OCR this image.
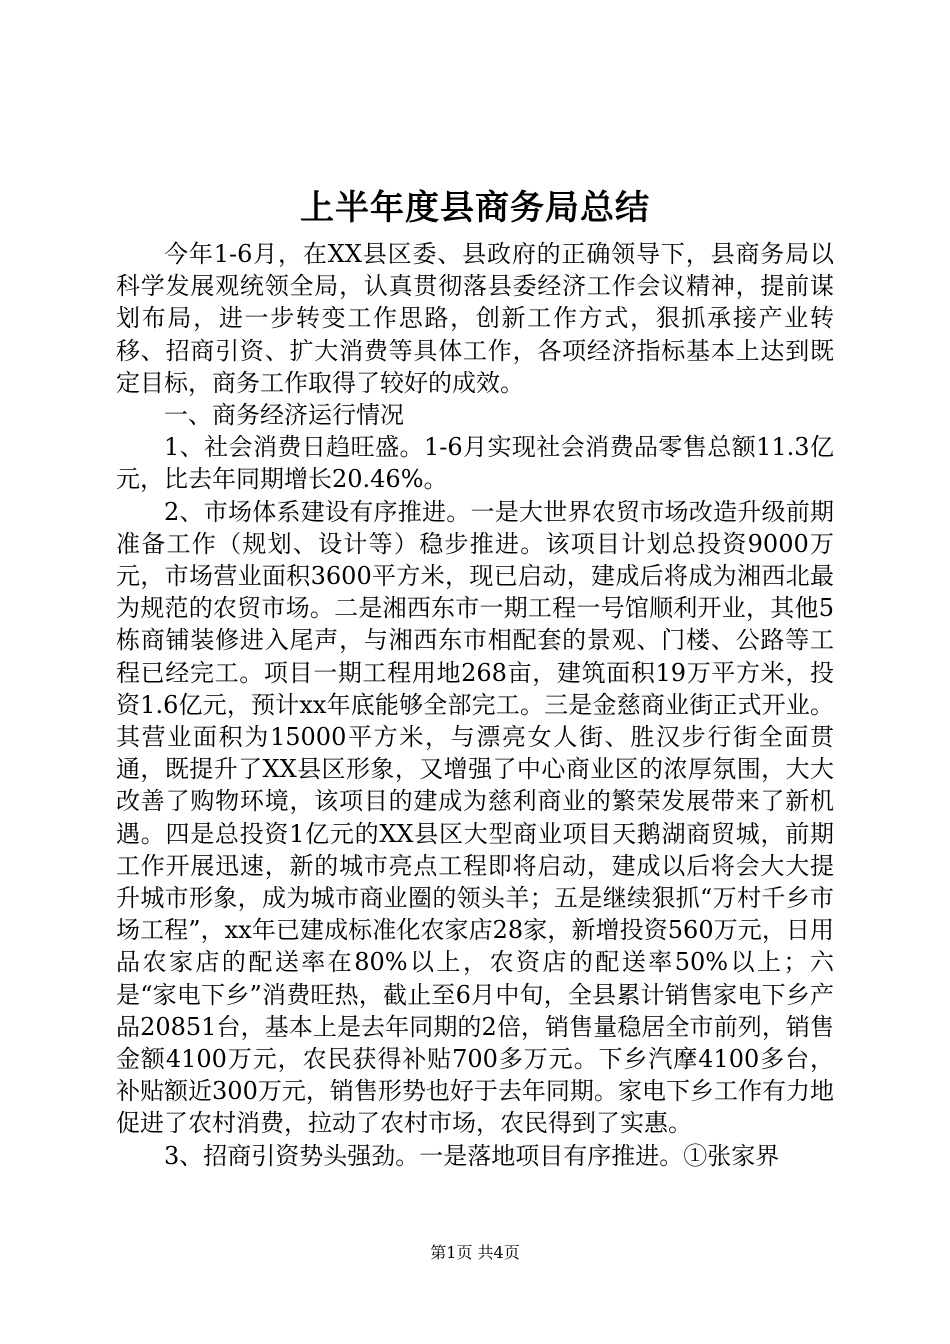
上半年度县商务局总结

今年1-6月，在XX县区委、县政府的正确领导下，县商务局以科学发展观统领全局，认真贯彻落县委经济工作会议精神，提前谋划布局，进一步转变工作思路，创新工作方式，狠抓承接产业转移、招商引资、扩大消费等具体工作，各项经济指标基本上达到既定目标，商务工作取得了较好的成效。

一、商务经济运行情况

1、社会消费日趋旺盛。1-6月实现社会消费品零售总额11.3亿元，比去年同期增长20.46%。

2、市场体系建设有序推进。一是大世界农贸市场改造升级前期准备工作（规划、设计等）稳步推进。该项目计划总投资9000万元，市场营业面积3600平方米，现已启动，建成后将成为湘西北最为规范的农贸市场。二是湘西东市一期工程一号馆顺利开业，其他5栋商铺装修进入尾声，与湘西东市相配套的景观、门楼、公路等工程已经完工。项目一期工程用地268亩，建筑面积19万平方米，投资1.6亿元，预计xx年底能够全部完工。三是金慈商业街正式开业。其营业面积为15000平方米，与漂亮女人街、胜汉步行街全面贯通，既提升了XX县区形象，又增强了中心商业区的浓厚氛围，大大改善了购物环境，该项目的建成为慈利商业的繁荣发展带来了新机遇。四是总投资1亿元的XX县区大型商业项目天鹅湖商贸城，前期工作开展迅速，新的城市亮点工程即将启动，建成以后将会大大提升城市形象，成为城市商业圈的领头羊；五是继续狠抓“万村千乡市场工程”，xx年已建成标准化农家店28家，新增投资560万元，日用品农家店的配送率在80%以上，农资店的配送率50%以上；六是“家电下乡”消费旺热，截止至6月中旬，全县累计销售家电下乡产品20851台，基本上是去年同期的2倍，销售量稳居全市前列，销售金额4100万元，农民获得补贴700多万元。下乡汽摩4100多台，补贴额近300万元，销售形势也好于去年同期。家电下乡工作有力地促进了农村消费，拉动了农村市场，农民得到了实惠。

3、招商引资势头强劲。一是落地项目有序推进。①张家界

第1页 共4页
